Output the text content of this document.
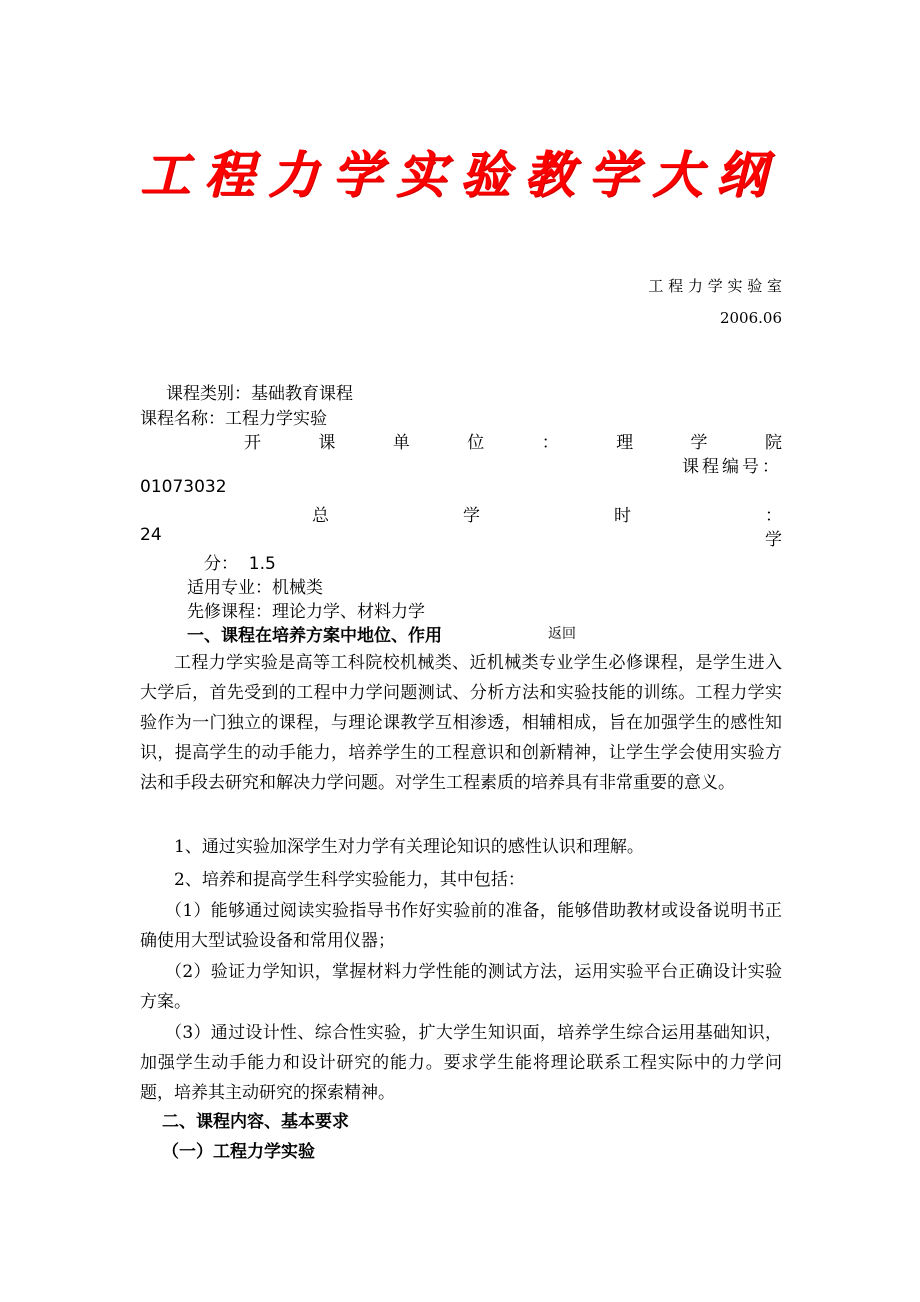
工程力学实验教学大纲
工 程 力 学 实 验 室
2006.06
课程类别：基础教育课程
课程名称：工程力学实验
开	课	单	位	：	理	学	院
课程编号：
01073032
总	学	时	：
24	学
分：  1.5
适用专业：机械类
先修课程：理论力学、材料力学
一、课程在培养方案中地位、作用	返回
工程力学实验是高等工科院校机械类、近机械类专业学生必修课程，是学生进入大学后，首先受到的工程中力学问题测试、分析方法和实验技能的训练。工程力学实验作为一门独立的课程，与理论课教学互相渗透，相辅相成，旨在加强学生的感性知识，提高学生的动手能力，培养学生的工程意识和创新精神，让学生学会使用实验方法和手段去研究和解决力学问题。对学生工程素质的培养具有非常重要的意义。
1、通过实验加深学生对力学有关理论知识的感性认识和理解。
2、培养和提高学生科学实验能力，其中包括：
（1）能够通过阅读实验指导书作好实验前的准备，能够借助教材或设备说明书正确使用大型试验设备和常用仪器；
（2）验证力学知识，掌握材料力学性能的测试方法，运用实验平台正确设计实验方案。
（3）通过设计性、综合性实验，扩大学生知识面，培养学生综合运用基础知识，加强学生动手能力和设计研究的能力。要求学生能将理论联系工程实际中的力学问题，培养其主动研究的探索精神。
二、课程内容、基本要求
（一）工程力学实验
